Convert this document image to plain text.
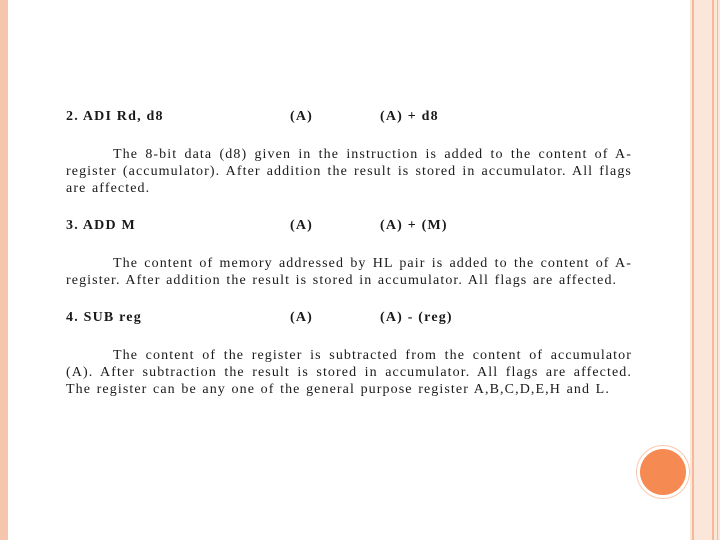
2. ADI Rd, d8	(A)	(A) + d8

The 8-bit data (d8) given in the instruction is added to the content of A-register (accumulator). After addition the result is stored in accumulator. All flags are affected.

3. ADD M	(A)	(A) + (M)

The content of memory addressed by HL pair is added to the content of A-register. After addition the result is stored in accumulator. All flags are affected.

4. SUB reg	(A)	(A) - (reg)

The content of the register is subtracted from the content of accumulator (A). After subtraction the result is stored in accumulator. All flags are affected. The register can be any one of the general purpose register A,B,C,D,E,H and L.
